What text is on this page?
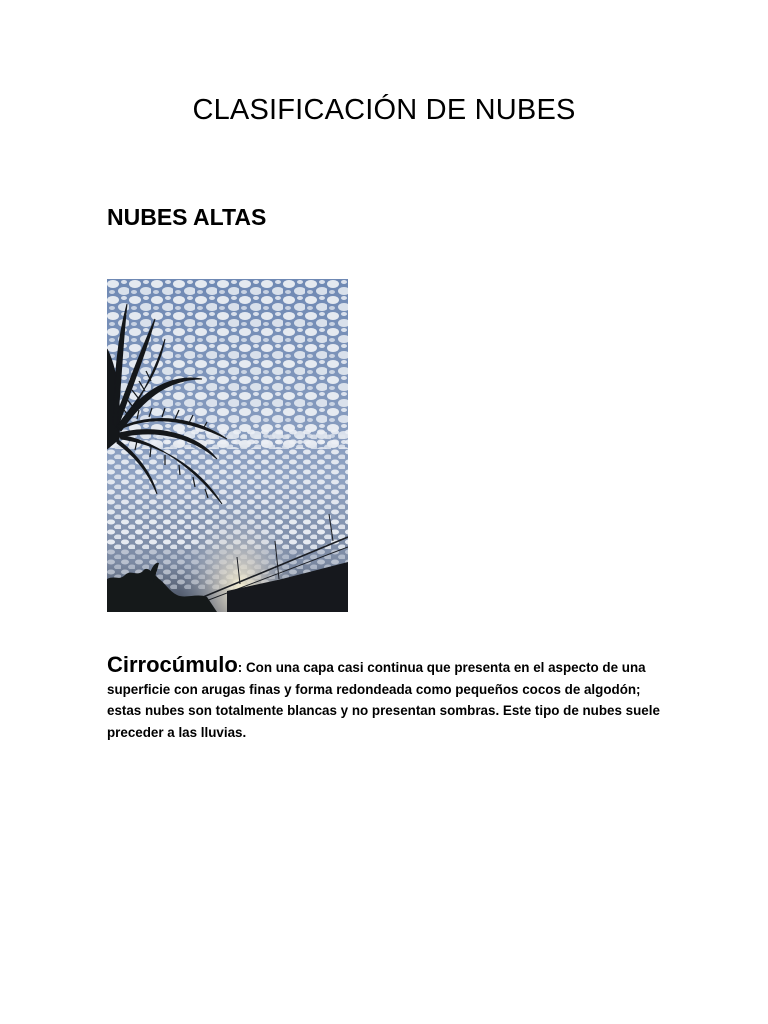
CLASIFICACIÓN DE NUBES
NUBES ALTAS

Cirrocúmulo: Con una capa casi continua que presenta en el aspecto de una superficie con arugas finas y forma redondeada como pequeños cocos de algodón; estas nubes son totalmente blancas y no presentan sombras. Este tipo de nubes suele preceder a las lluvias.
